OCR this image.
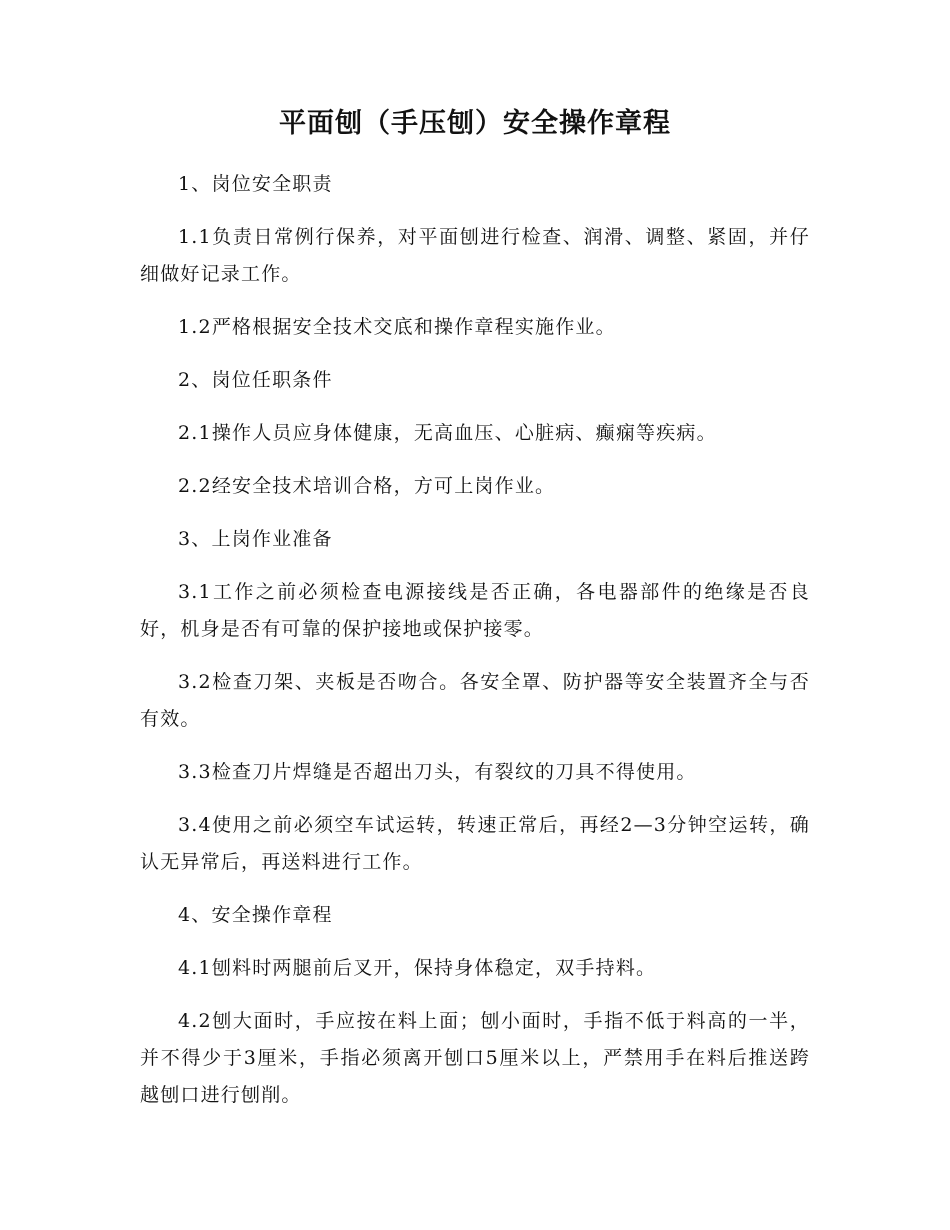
平面刨（手压刨）安全操作章程

1、岗位安全职责

1.1负责日常例行保养，对平面刨进行检查、润滑、调整、紧固，并仔细做好记录工作。

1.2严格根据安全技术交底和操作章程实施作业。

2、岗位任职条件

2.1操作人员应身体健康，无高血压、心脏病、癫痫等疾病。

2.2经安全技术培训合格，方可上岗作业。

3、上岗作业准备

3.1工作之前必须检查电源接线是否正确，各电器部件的绝缘是否良好，机身是否有可靠的保护接地或保护接零。

3.2检查刀架、夹板是否吻合。各安全罩、防护器等安全装置齐全与否有效。

3.3检查刀片焊缝是否超出刀头，有裂纹的刀具不得使用。

3.4使用之前必须空车试运转，转速正常后，再经2—3分钟空运转，确认无异常后，再送料进行工作。

4、安全操作章程

4.1刨料时两腿前后叉开，保持身体稳定，双手持料。

4.2刨大面时，手应按在料上面；刨小面时，手指不低于料高的一半，并不得少于3厘米，手指必须离开刨口5厘米以上，严禁用手在料后推送跨越刨口进行刨削。
